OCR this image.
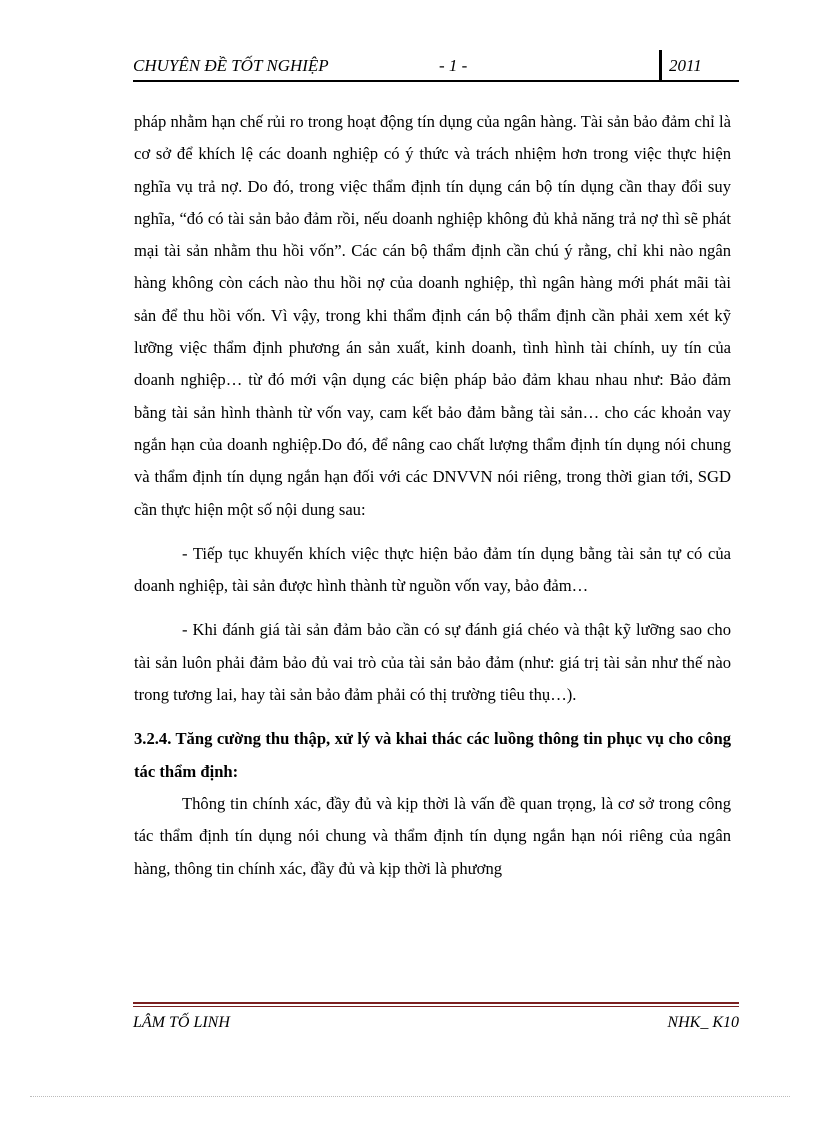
CHUYÊN ĐỀ TỐT NGHIỆP	- 1 -	2011

pháp nhằm hạn chế rủi ro trong hoạt động tín dụng của ngân hàng. Tài sản bảo đảm chỉ là cơ sở để khích lệ các doanh nghiệp có ý thức và trách nhiệm hơn trong việc thực hiện nghĩa vụ trả nợ. Do đó, trong việc thẩm định tín dụng cán bộ tín dụng cần thay đổi suy nghĩa, “đó có tài sản bảo đảm rồi, nếu doanh nghiệp không đủ khả năng trả nợ thì sẽ phát mại tài sản nhằm thu hồi vốn”. Các cán bộ thẩm định cần chú ý rằng, chỉ khi nào ngân hàng không còn cách nào thu hồi nợ của doanh nghiệp, thì ngân hàng mới phát mãi tài sản để thu hồi vốn. Vì vậy, trong khi thẩm định cán bộ thẩm định cần phải xem xét kỹ lưỡng việc thẩm định phương án sản xuất, kinh doanh, tình hình tài chính, uy tín của doanh nghiệp… từ đó mới vận dụng các biện pháp bảo đảm khau nhau như: Bảo đảm bằng tài sản hình thành từ vốn vay, cam kết bảo đảm bằng tài sản… cho các khoản vay ngắn hạn của doanh nghiệp.Do đó, để nâng cao chất lượng thẩm định tín dụng nói chung và thẩm định tín dụng ngắn hạn đối với các DNVVN nói riêng, trong thời gian tới, SGD cần thực hiện một số nội dung sau:

- Tiếp tục khuyến khích việc thực hiện bảo đảm tín dụng bằng tài sản tự có của doanh nghiệp, tài sản được hình thành từ nguồn vốn vay, bảo đảm…

- Khi đánh giá tài sản đảm bảo cần có sự đánh giá chéo và thật kỹ lưỡng sao cho tài sản luôn phải đảm bảo đủ vai trò của tài sản bảo đảm (như: giá trị tài sản như thế nào trong tương lai, hay tài sản bảo đảm phải có thị trường tiêu thụ…).

3.2.4. Tăng cường thu thập, xử lý và khai thác các luồng thông tin phục vụ cho công tác thẩm định:

Thông tin chính xác, đầy đủ và kịp thời là vấn đề quan trọng, là cơ sở trong công tác thẩm định tín dụng nói chung và thẩm định tín dụng ngắn hạn nói riêng của ngân hàng, thông tin chính xác, đầy đủ và kịp thời là phương

LÂM TỐ LINH	NHK_ K10
